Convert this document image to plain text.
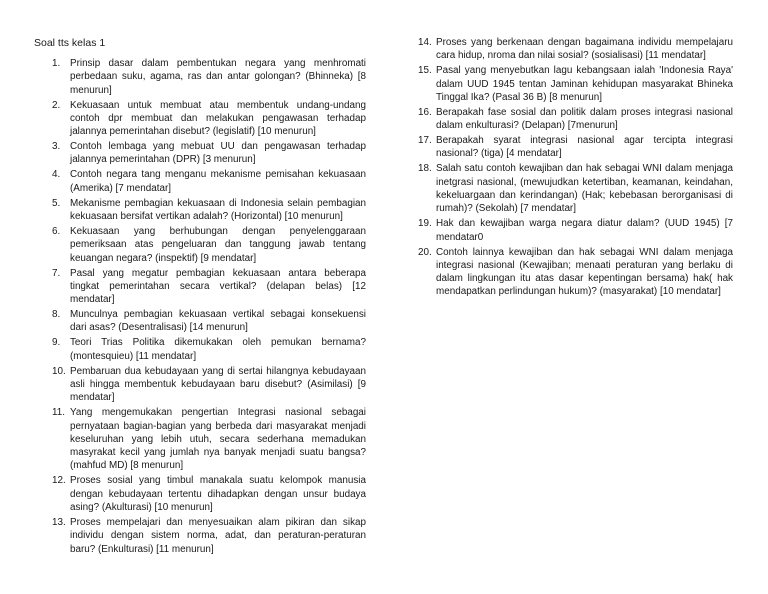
Soal tts kelas 1
1. Prinsip dasar dalam pembentukan negara yang menhromati perbedaan suku, agama, ras dan antar golongan? (Bhinneka) [8 menurun]
2. Kekuasaan untuk membuat atau membentuk undang-undang contoh dpr membuat dan melakukan pengawasan terhadap jalannya pemerintahan disebut? (legislatif) [10 menurun]
3. Contoh lembaga yang mebuat UU dan pengawasan terhadap jalannya pemerintahan (DPR) [3 menurun]
4. Contoh negara tang menganu mekanisme pemisahan kekuasaan (Amerika) [7 mendatar]
5. Mekanisme pembagian kekuasaan di Indonesia selain pembagian kekuasaan bersifat vertikan adalah? (Horizontal) [10 menurun]
6. Kekuasaan yang berhubungan dengan penyelenggaraan pemeriksaan atas pengeluaran dan tanggung jawab tentang keuangan negara? (inspektif) [9 mendatar]
7. Pasal yang megatur pembagian kekuasaan antara beberapa tingkat pemerintahan secara vertikal? (delapan belas) [12 mendatar]
8. Munculnya pembagian kekuasaan vertikal sebagai konsekuensi dari asas? (Desentralisasi) [14 menurun]
9. Teori Trias Politika dikemukakan oleh pemukan bernama? (montesquieu) [11 mendatar]
10. Pembaruan dua kebudayaan yang di sertai hilangnya kebudayaan asli hingga membentuk kebudayaan baru disebut? (Asimilasi) [9 mendatar]
11. Yang mengemukakan pengertian Integrasi nasional sebagai pernyataan bagian-bagian yang berbeda dari masyarakat menjadi keseluruhan yang lebih utuh, secara sederhana memadukan masyrakat kecil yang jumlah nya banyak menjadi suatu bangsa? (mahfud MD) [8 menurun]
12. Proses sosial yang timbul manakala suatu kelompok manusia dengan kebudayaan tertentu dihadapkan dengan unsur budaya asing? (Akulturasi) [10 menurun]
13. Proses mempelajari dan menyesuaikan alam pikiran dan sikap individu dengan sistem norma, adat, dan peraturan-peraturan baru? (Enkulturasi) [11 menurun]
14. Proses yang berkenaan dengan bagaimana individu mempelajaru cara hidup, nroma dan nilai sosial? (sosialisasi) [11 mendatar]
15. Pasal yang menyebutkan lagu kebangsaan ialah 'Indonesia Raya' dalam UUD 1945 tentan Jaminan kehidupan masyarakat Bhineka Tinggal Ika? (Pasal 36 B) [8 menurun]
16. Berapakah fase sosial dan politik dalam proses integrasi nasional dalam enkulturasi? (Delapan) [7menurun]
17. Berapakah syarat integrasi nasional agar tercipta integrasi nasional? (tiga) [4 mendatar]
18. Salah satu contoh kewajiban dan hak sebagai WNI dalam menjaga inetgrasi nasional, (mewujudkan ketertiban, keamanan, keindahan, kekeluargaan dan kerindangan) (Hak; kebebasan berorganisasi di rumah)? (Sekolah) [7 mendatar]
19. Hak dan kewajiban warga negara diatur dalam? (UUD 1945) [7 mendatar0
20. Contoh lainnya kewajiban dan hak sebagai WNI dalam menjaga integrasi nasional (Kewajiban; menaati peraturan yang berlaku di dalam lingkungan itu atas dasar kepentingan bersama) hak( hak mendapatkan perlindungan hukum)? (masyarakat) [10 mendatar]
